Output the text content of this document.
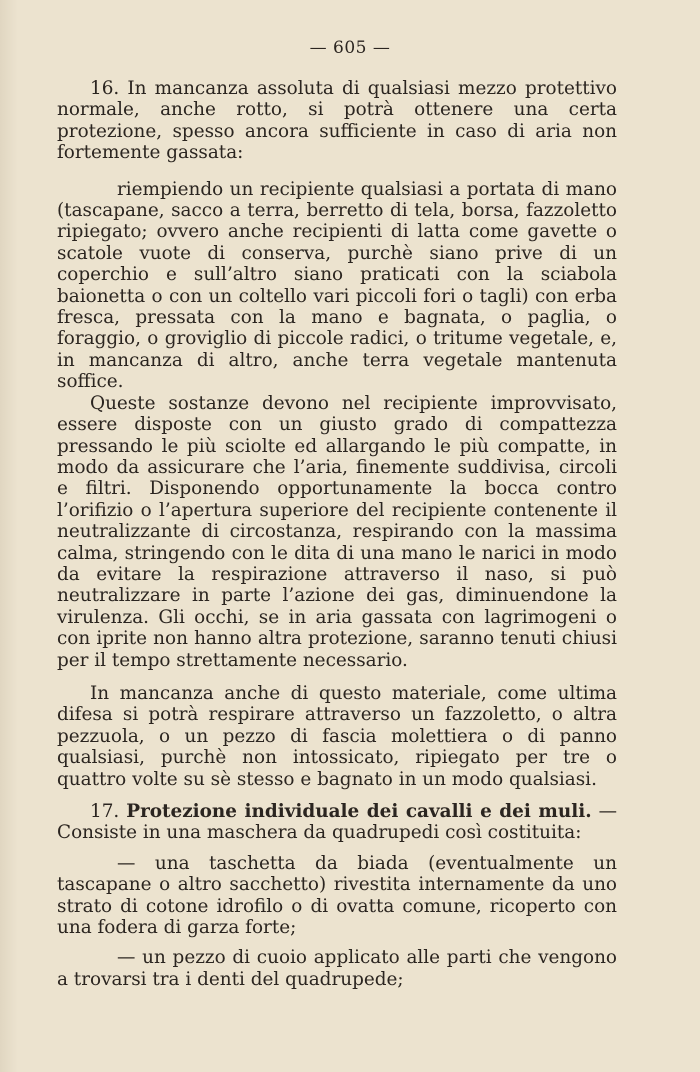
— 605 —

16. In mancanza assoluta di qualsiasi mezzo protettivo normale, anche rotto, si potrà ottenere una certa protezione, spesso ancora sufficiente in caso di aria non fortemente gassata:

riempiendo un recipiente qualsiasi a portata di mano (tascapane, sacco a terra, berretto di tela, borsa, fazzoletto ripiegato; ovvero anche recipienti di latta come gavette o scatole vuote di conserva, purchè siano prive di un coperchio e sull’altro siano praticati con la sciabola baionetta o con un coltello vari piccoli fori o tagli) con erba fresca, pressata con la mano e bagnata, o paglia, o foraggio, o groviglio di piccole radici, o tritume vegetale, e, in mancanza di altro, anche terra vegetale mantenuta soffice.

Queste sostanze devono nel recipiente improvvisato, essere disposte con un giusto grado di compattezza pressando le più sciolte ed allargando le più compatte, in modo da assicurare che l’aria, finemente suddivisa, circoli e filtri. Disponendo opportunamente la bocca contro l’orifizio o l’apertura superiore del recipiente contenente il neutralizzante di circostanza, respirando con la massima calma, stringendo con le dita di una mano le narici in modo da evitare la respirazione attraverso il naso, si può neutralizzare in parte l’azione dei gas, diminuendone la virulenza. Gli occhi, se in aria gassata con lagrimogeni o con iprite non hanno altra protezione, saranno tenuti chiusi per il tempo strettamente necessario.

In mancanza anche di questo materiale, come ultima difesa si potrà respirare attraverso un fazzoletto, o altra pezzuola, o un pezzo di fascia molettiera o di panno qualsiasi, purchè non intossicato, ripiegato per tre o quattro volte su sè stesso e bagnato in un modo qualsiasi.

17. Protezione individuale dei cavalli e dei muli. — Consiste in una maschera da quadrupedi così costituita:

— una taschetta da biada (eventualmente un tascapane o altro sacchetto) rivestita internamente da uno strato di cotone idrofilo o di ovatta comune, ricoperto con una fodera di garza forte;

— un pezzo di cuoio applicato alle parti che vengono a trovarsi tra i denti del quadrupede;
